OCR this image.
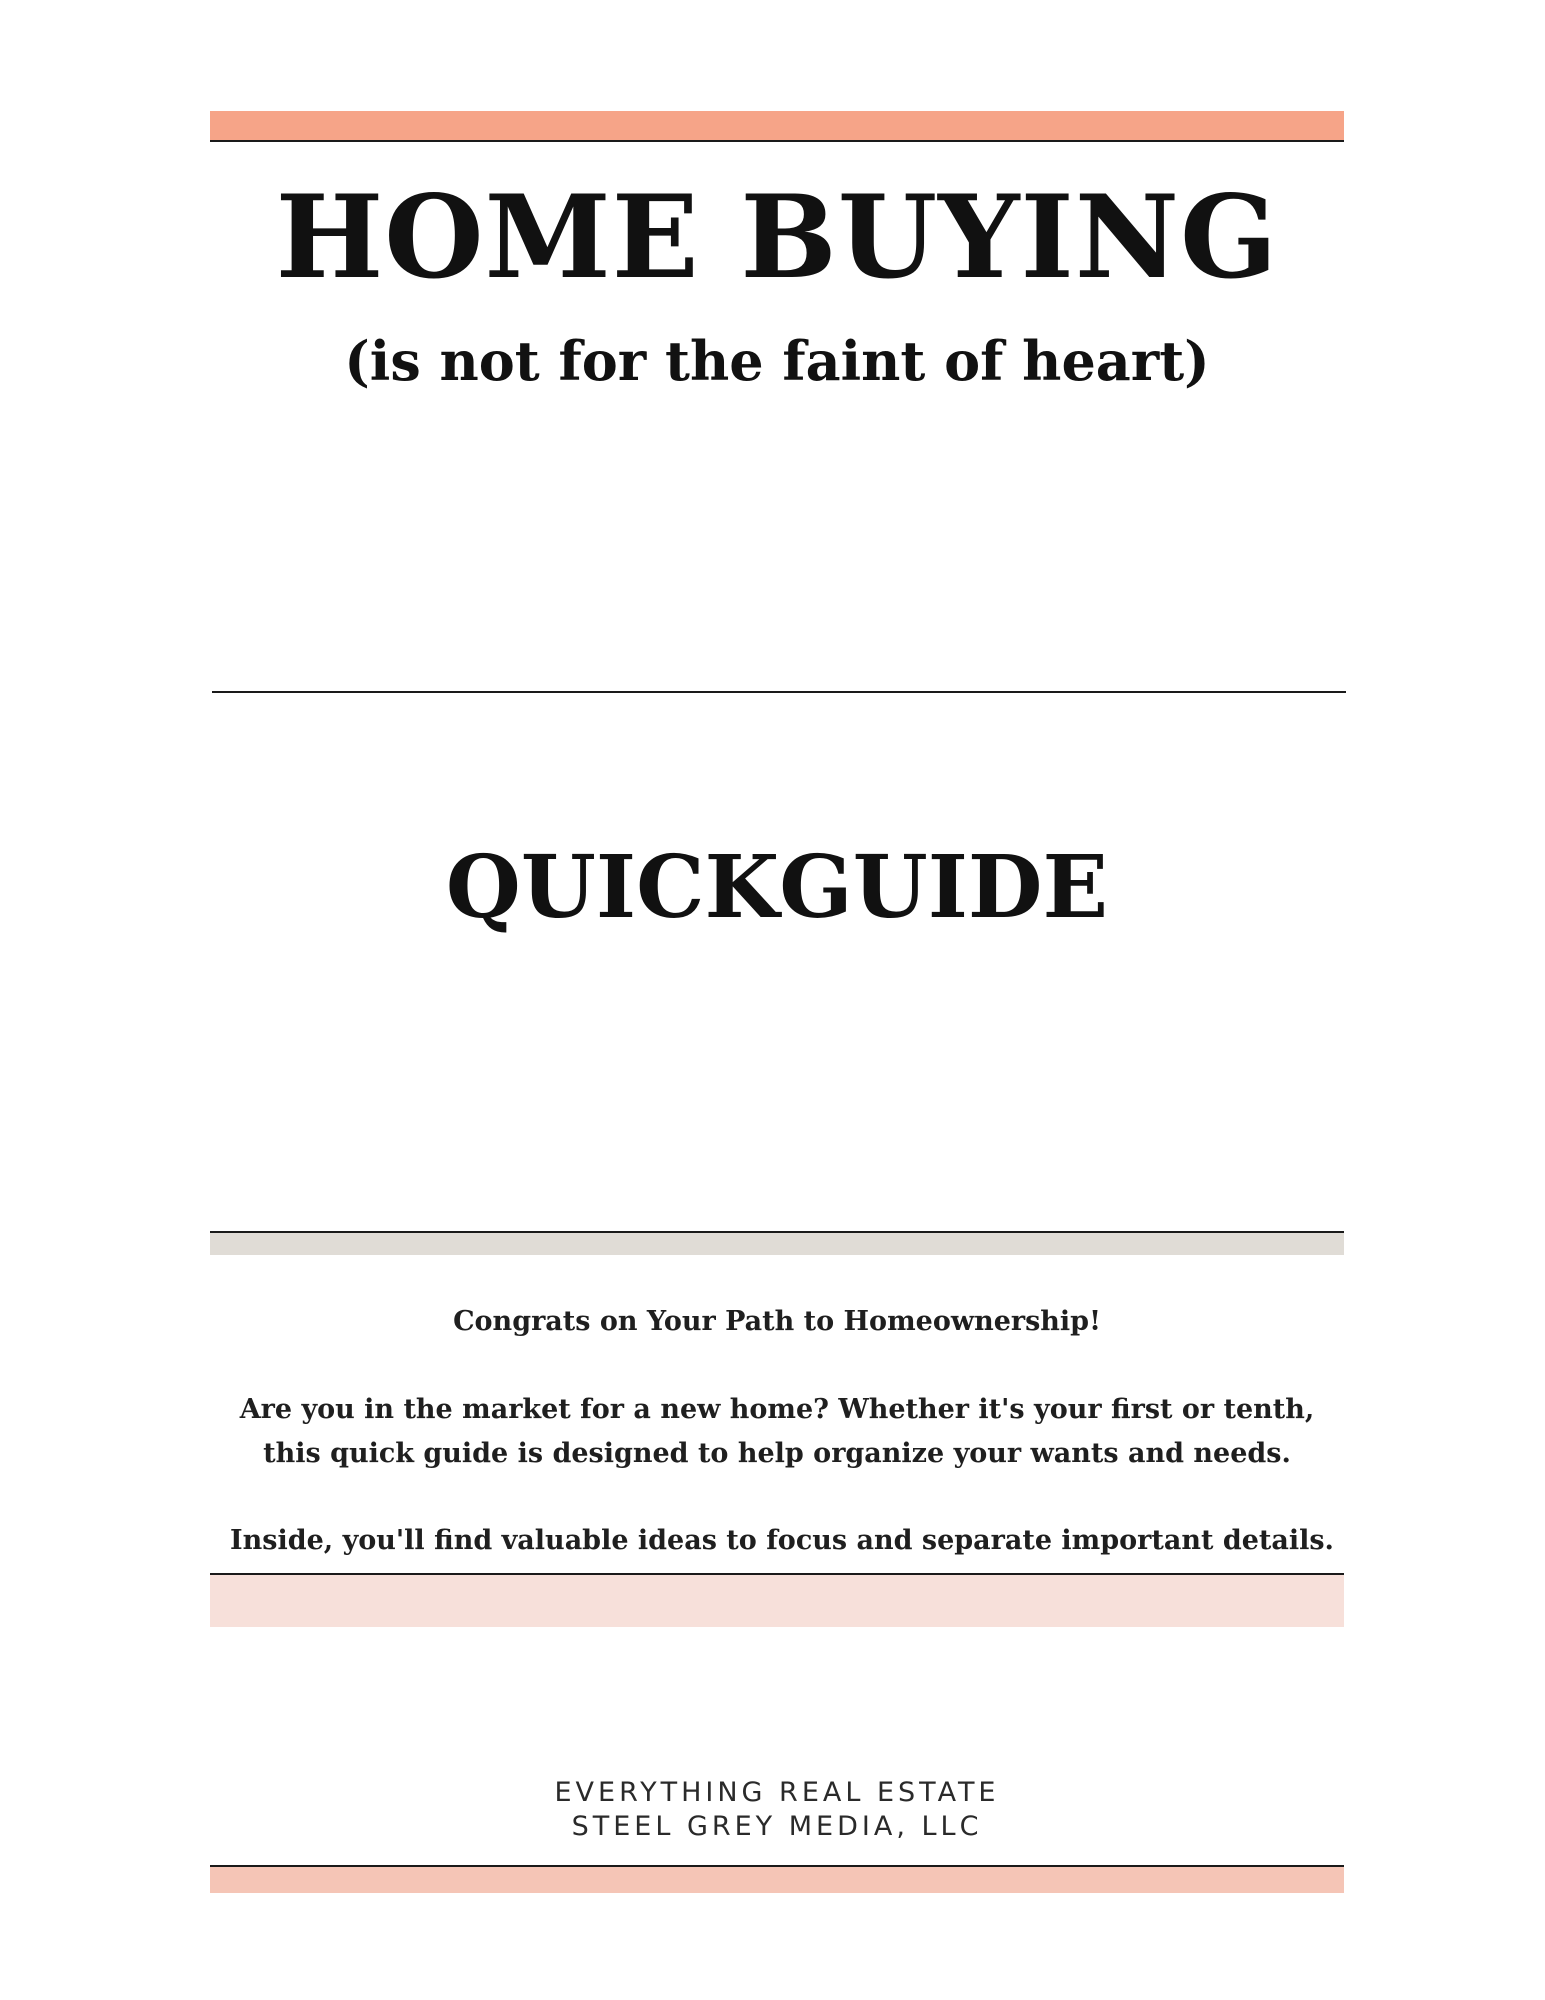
HOME BUYING
(is not for the faint of heart)
QUICKGUIDE
Congrats on Your Path to Homeownership!
Are you in the market for a new home? Whether it's your first or tenth, this quick guide is designed to help organize your wants and needs.
Inside, you'll find valuable ideas to focus and separate important details.
EVERYTHING REAL ESTATE
STEEL GREY MEDIA, LLC
